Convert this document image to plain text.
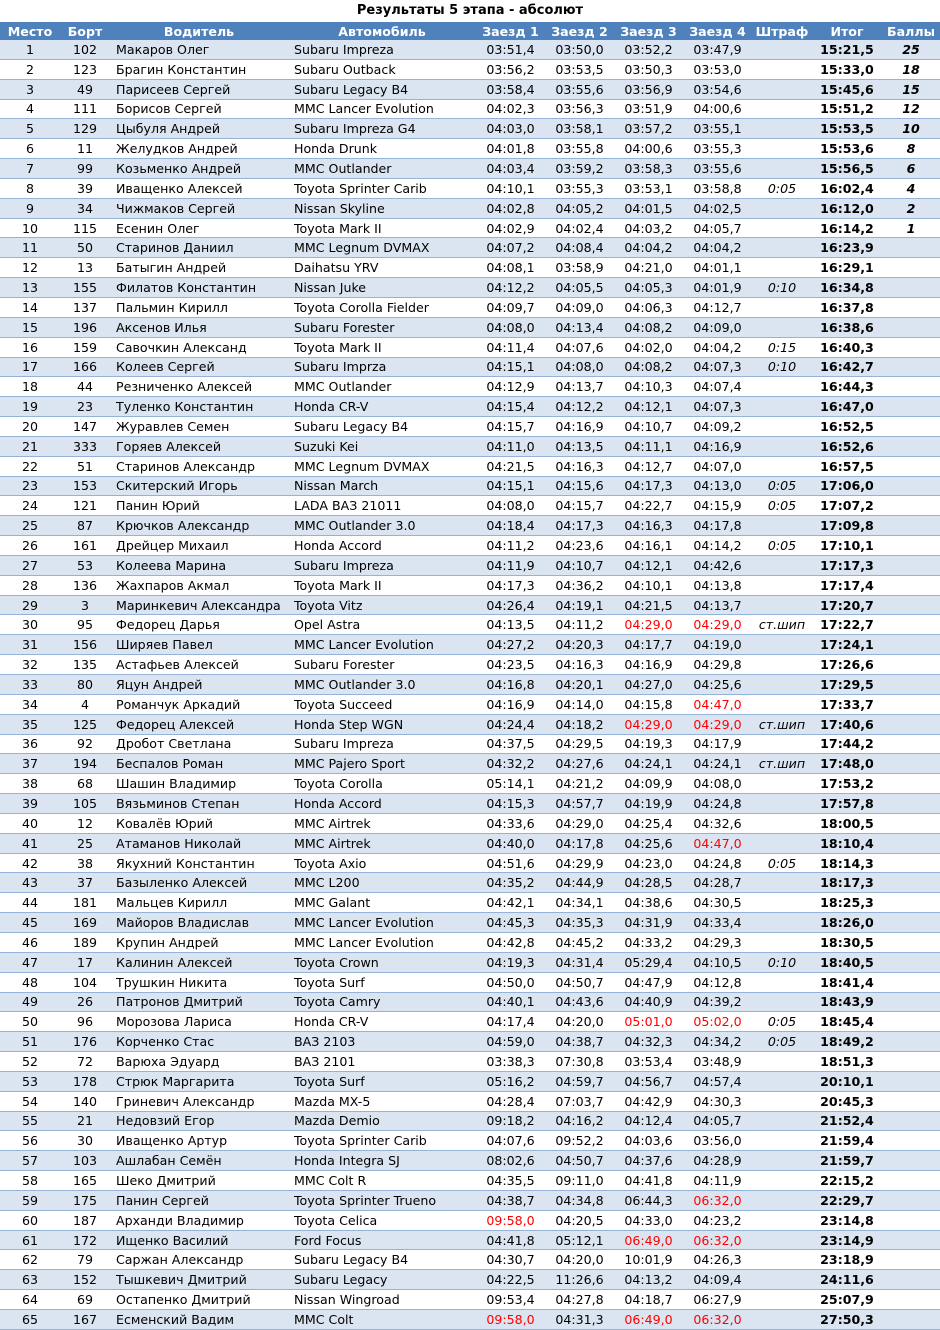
Результаты 5 этапа - абсолют
Место	Борт	Водитель	Автомобиль	Заезд 1	Заезд 2	Заезд 3	Заезд 4	Штраф	Итог	Баллы
1	102	Макаров Олег	Subaru Impreza	03:51,4	03:50,0	03:52,2	03:47,9		15:21,5	25
2	123	Брагин Константин	Subaru Outback	03:56,2	03:53,5	03:50,3	03:53,0		15:33,0	18
3	49	Парисеев Сергей	Subaru Legacy B4	03:58,4	03:55,6	03:56,9	03:54,6		15:45,6	15
4	111	Борисов Сергей	MMC Lancer Evolution	04:02,3	03:56,3	03:51,9	04:00,6		15:51,2	12
5	129	Цыбуля Андрей	Subaru Impreza G4	04:03,0	03:58,1	03:57,2	03:55,1		15:53,5	10
6	11	Желудков Андрей	Honda Drunk	04:01,8	03:55,8	04:00,6	03:55,3		15:53,6	8
7	99	Козьменко Андрей	MMC Outlander	04:03,4	03:59,2	03:58,3	03:55,6		15:56,5	6
8	39	Иващенко Алексей	Toyota Sprinter Carib	04:10,1	03:55,3	03:53,1	03:58,8	0:05	16:02,4	4
9	34	Чижмаков Сергей	Nissan Skyline	04:02,8	04:05,2	04:01,5	04:02,5		16:12,0	2
10	115	Есенин Олег	Toyota Mark II	04:02,9	04:02,4	04:03,2	04:05,7		16:14,2	1
11	50	Старинов Даниил	MMC Legnum DVMAX	04:07,2	04:08,4	04:04,2	04:04,2		16:23,9	
12	13	Батыгин Андрей	Daihatsu YRV	04:08,1	03:58,9	04:21,0	04:01,1		16:29,1	
13	155	Филатов Константин	Nissan Juke	04:12,2	04:05,5	04:05,3	04:01,9	0:10	16:34,8	
14	137	Пальмин Кирилл	Toyota Corolla Fielder	04:09,7	04:09,0	04:06,3	04:12,7		16:37,8	
15	196	Аксенов Илья	Subaru Forester	04:08,0	04:13,4	04:08,2	04:09,0		16:38,6	
16	159	Савочкин Александ	Toyota Mark II	04:11,4	04:07,6	04:02,0	04:04,2	0:15	16:40,3	
17	166	Колеев Сергей	Subaru Imprza	04:15,1	04:08,0	04:08,2	04:07,3	0:10	16:42,7	
18	44	Резниченко Алексей	MMC Outlander	04:12,9	04:13,7	04:10,3	04:07,4		16:44,3	
19	23	Туленко Константин	Honda CR-V	04:15,4	04:12,2	04:12,1	04:07,3		16:47,0	
20	147	Журавлев Семен	Subaru Legacy B4	04:15,7	04:16,9	04:10,7	04:09,2		16:52,5	
21	333	Горяев Алексей	Suzuki Kei	04:11,0	04:13,5	04:11,1	04:16,9		16:52,6	
22	51	Старинов Александр	MMC Legnum DVMAX	04:21,5	04:16,3	04:12,7	04:07,0		16:57,5	
23	153	Скитерский Игорь	Nissan March	04:15,1	04:15,6	04:17,3	04:13,0	0:05	17:06,0	
24	121	Панин Юрий	LADA ВАЗ 21011	04:08,0	04:15,7	04:22,7	04:15,9	0:05	17:07,2	
25	87	Крючков Александр	MMC Outlander 3.0	04:18,4	04:17,3	04:16,3	04:17,8		17:09,8	
26	161	Дрейцер Михаил	Honda Accord	04:11,2	04:23,6	04:16,1	04:14,2	0:05	17:10,1	
27	53	Колеева Марина	Subaru Impreza	04:11,9	04:10,7	04:12,1	04:42,6		17:17,3	
28	136	Жахпаров Акмал	Toyota Mark II	04:17,3	04:36,2	04:10,1	04:13,8		17:17,4	
29	3	Маринкевич Александра	Toyota Vitz	04:26,4	04:19,1	04:21,5	04:13,7		17:20,7	
30	95	Федорец Дарья	Opel Astra	04:13,5	04:11,2	04:29,0	04:29,0	ст.шип	17:22,7	
31	156	Ширяев Павел	MMC Lancer Evolution	04:27,2	04:20,3	04:17,7	04:19,0		17:24,1	
32	135	Астафьев Алексей	Subaru Forester	04:23,5	04:16,3	04:16,9	04:29,8		17:26,6	
33	80	Яцун Андрей	MMC Outlander 3.0	04:16,8	04:20,1	04:27,0	04:25,6		17:29,5	
34	4	Романчук Аркадий	Toyota Succeed	04:16,9	04:14,0	04:15,8	04:47,0		17:33,7	
35	125	Федорец Алексей	Honda Step WGN	04:24,4	04:18,2	04:29,0	04:29,0	ст.шип	17:40,6	
36	92	Дробот Светлана	Subaru Impreza	04:37,5	04:29,5	04:19,3	04:17,9		17:44,2	
37	194	Беспалов Роман	MMC Pajero Sport	04:32,2	04:27,6	04:24,1	04:24,1	ст.шип	17:48,0	
38	68	Шашин Владимир	Toyota Corolla	05:14,1	04:21,2	04:09,9	04:08,0		17:53,2	
39	105	Вязьминов Степан	Honda Accord	04:15,3	04:57,7	04:19,9	04:24,8		17:57,8	
40	12	Ковалёв Юрий	MMC Airtrek	04:33,6	04:29,0	04:25,4	04:32,6		18:00,5	
41	25	Атаманов Николай	MMC Airtrek	04:40,0	04:17,8	04:25,6	04:47,0		18:10,4	
42	38	Якухний Константин	Toyota Axio	04:51,6	04:29,9	04:23,0	04:24,8	0:05	18:14,3	
43	37	Базыленко Алексей	MMC L200	04:35,2	04:44,9	04:28,5	04:28,7		18:17,3	
44	181	Мальцев Кирилл	MMC Galant	04:42,1	04:34,1	04:38,6	04:30,5		18:25,3	
45	169	Майоров Владислав	MMC Lancer Evolution	04:45,3	04:35,3	04:31,9	04:33,4		18:26,0	
46	189	Крупин Андрей	MMC Lancer Evolution	04:42,8	04:45,2	04:33,2	04:29,3		18:30,5	
47	17	Калинин Алексей	Toyota Crown	04:19,3	04:31,4	05:29,4	04:10,5	0:10	18:40,5	
48	104	Трушкин Никита	Toyota Surf	04:50,0	04:50,7	04:47,9	04:12,8		18:41,4	
49	26	Патронов Дмитрий	Toyota Camry	04:40,1	04:43,6	04:40,9	04:39,2		18:43,9	
50	96	Морозова Лариса	Honda CR-V	04:17,4	04:20,0	05:01,0	05:02,0	0:05	18:45,4	
51	176	Корченко Стас	ВАЗ 2103	04:59,0	04:38,7	04:32,3	04:34,2	0:05	18:49,2	
52	72	Варюха Эдуард	ВАЗ 2101	03:38,3	07:30,8	03:53,4	03:48,9		18:51,3	
53	178	Стрюк Маргарита	Toyota Surf	05:16,2	04:59,7	04:56,7	04:57,4		20:10,1	
54	140	Гриневич Александр	Mazda MX-5	04:28,4	07:03,7	04:42,9	04:30,3		20:45,3	
55	21	Недовзий Егор	Mazda Demio	09:18,2	04:16,2	04:12,4	04:05,7		21:52,4	
56	30	Иващенко Артур	Toyota Sprinter Carib	04:07,6	09:52,2	04:03,6	03:56,0		21:59,4	
57	103	Ашлабан Семён	Honda Integra SJ	08:02,6	04:50,7	04:37,6	04:28,9		21:59,7	
58	165	Шеко Дмитрий	MMC Colt R	04:35,5	09:11,0	04:41,8	04:11,9		22:15,2	
59	175	Панин Сергей	Toyota Sprinter Trueno	04:38,7	04:34,8	06:44,3	06:32,0		22:29,7	
60	187	Арханди Владимир	Toyota Celica	09:58,0	04:20,5	04:33,0	04:23,2		23:14,8	
61	172	Ищенко Василий	Ford Focus	04:41,8	05:12,1	06:49,0	06:32,0		23:14,9	
62	79	Саржан Александр	Subaru Legacy B4	04:30,7	04:20,0	10:01,9	04:26,3		23:18,9	
63	152	Тышкевич Дмитрий	Subaru Legacy	04:22,5	11:26,6	04:13,2	04:09,4		24:11,6	
64	69	Остапенко Дмитрий	Nissan Wingroad	09:53,4	04:27,8	04:18,7	06:27,9		25:07,9	
65	167	Есменский Вадим	MMC Colt	09:58,0	04:31,3	06:49,0	06:32,0		27:50,3	
